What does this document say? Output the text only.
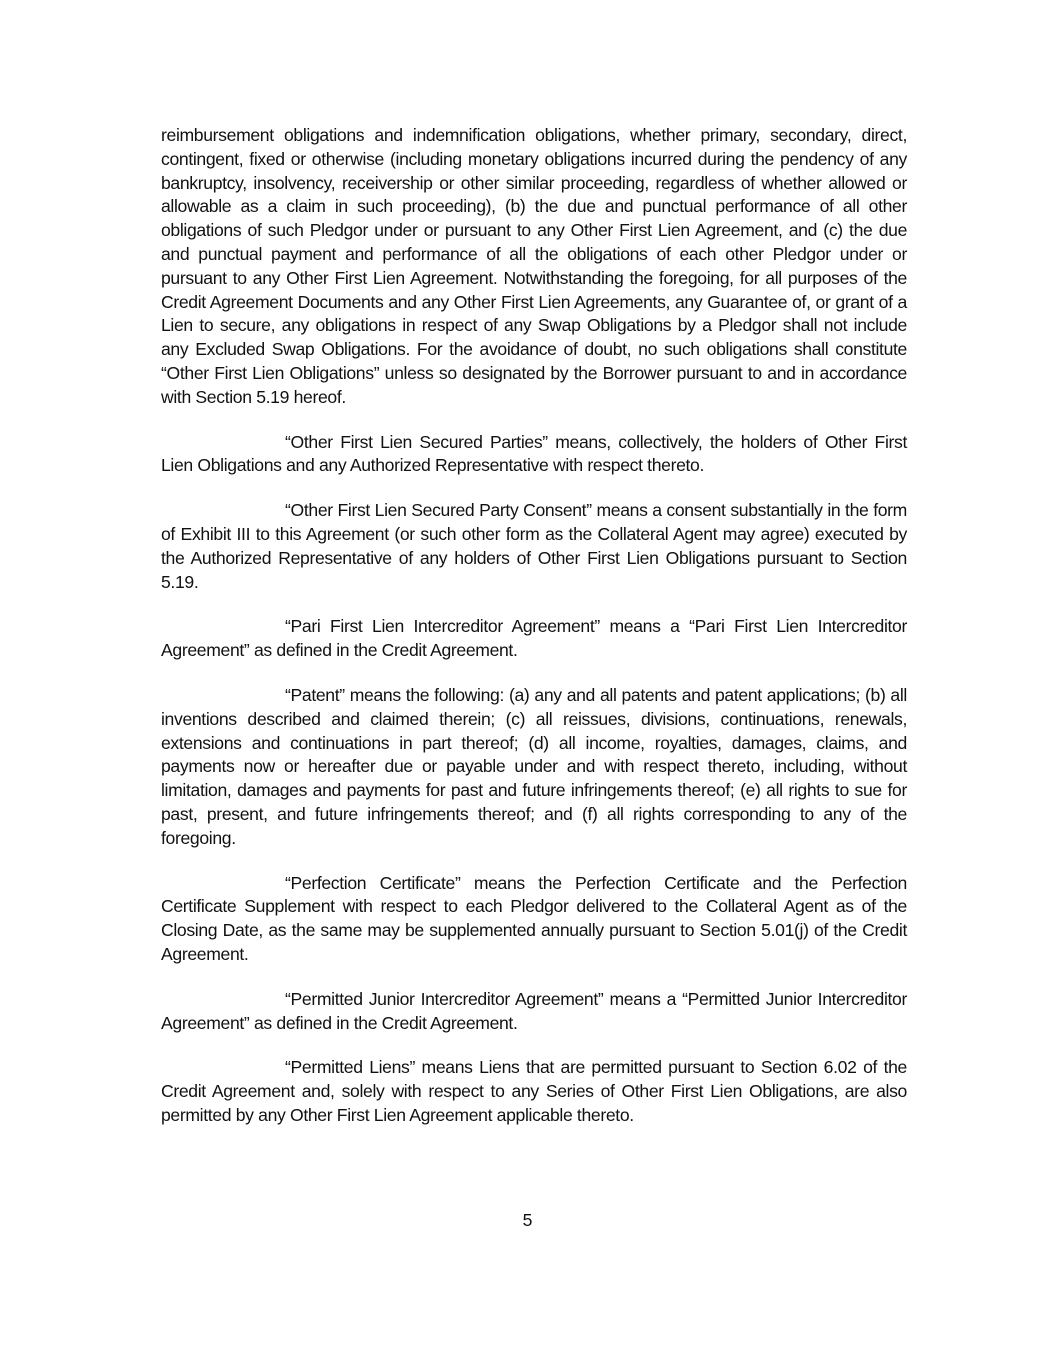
reimbursement obligations and indemnification obligations, whether primary, secondary, direct, contingent, fixed or otherwise (including monetary obligations incurred during the pendency of any bankruptcy, insolvency, receivership or other similar proceeding, regardless of whether allowed or allowable as a claim in such proceeding), (b) the due and punctual performance of all other obligations of such Pledgor under or pursuant to any Other First Lien Agreement, and (c) the due and punctual payment and performance of all the obligations of each other Pledgor under or pursuant to any Other First Lien Agreement. Notwithstanding the foregoing, for all purposes of the Credit Agreement Documents and any Other First Lien Agreements, any Guarantee of, or grant of a Lien to secure, any obligations in respect of any Swap Obligations by a Pledgor shall not include any Excluded Swap Obligations. For the avoidance of doubt, no such obligations shall constitute “Other First Lien Obligations” unless so designated by the Borrower pursuant to and in accordance with Section 5.19 hereof.

“Other First Lien Secured Parties” means, collectively, the holders of Other First Lien Obligations and any Authorized Representative with respect thereto.

“Other First Lien Secured Party Consent” means a consent substantially in the form of Exhibit III to this Agreement (or such other form as the Collateral Agent may agree) executed by the Authorized Representative of any holders of Other First Lien Obligations pursuant to Section 5.19.

“Pari First Lien Intercreditor Agreement” means a “Pari First Lien Intercreditor Agreement” as defined in the Credit Agreement.

“Patent” means the following: (a) any and all patents and patent applications; (b) all inventions described and claimed therein; (c) all reissues, divisions, continuations, renewals, extensions and continuations in part thereof; (d) all income, royalties, damages, claims, and payments now or hereafter due or payable under and with respect thereto, including, without limitation, damages and payments for past and future infringements thereof; (e) all rights to sue for past, present, and future infringements thereof; and (f) all rights corresponding to any of the foregoing.

“Perfection Certificate” means the Perfection Certificate and the Perfection Certificate Supplement with respect to each Pledgor delivered to the Collateral Agent as of the Closing Date, as the same may be supplemented annually pursuant to Section 5.01(j) of the Credit Agreement.

“Permitted Junior Intercreditor Agreement” means a “Permitted Junior Intercreditor Agreement” as defined in the Credit Agreement.

“Permitted Liens” means Liens that are permitted pursuant to Section 6.02 of the Credit Agreement and, solely with respect to any Series of Other First Lien Obligations, are also permitted by any Other First Lien Agreement applicable thereto.

5
